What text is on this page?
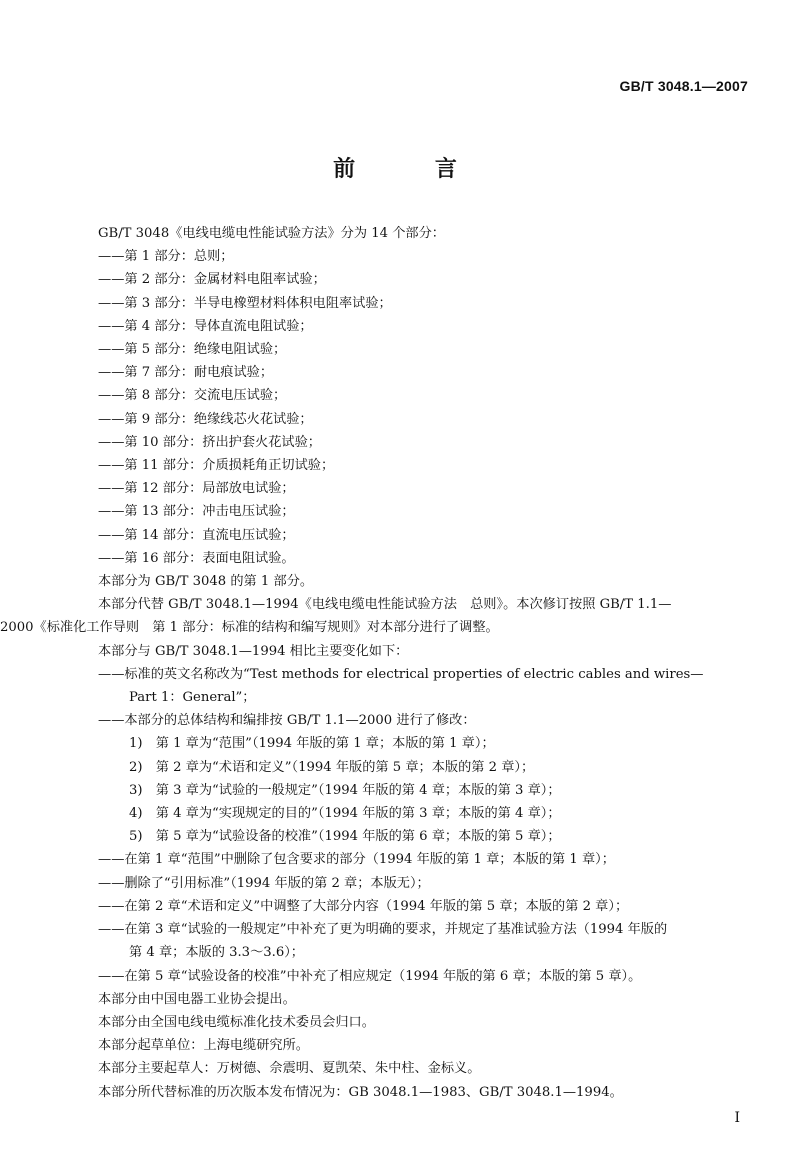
GB/T 3048.1—2007
前 言

GB/T 3048《电线电缆电性能试验方法》分为 14 个部分：

——第 1 部分：总则；

——第 2 部分：金属材料电阻率试验；

——第 3 部分：半导电橡塑材料体积电阻率试验；

——第 4 部分：导体直流电阻试验；

——第 5 部分：绝缘电阻试验；

——第 7 部分：耐电痕试验；

——第 8 部分：交流电压试验；

——第 9 部分：绝缘线芯火花试验；

——第 10 部分：挤出护套火花试验；

——第 11 部分：介质损耗角正切试验；

——第 12 部分：局部放电试验；

——第 13 部分：冲击电压试验；

——第 14 部分：直流电压试验；

——第 16 部分：表面电阻试验。

本部分为 GB/T 3048 的第 1 部分。

本部分代替 GB/T 3048.1—1994《电线电缆电性能试验方法　总则》。本次修订按照 GB/T 1.1—

2000《标准化工作导则　第 1 部分：标准的结构和编写规则》对本部分进行了调整。

本部分与 GB/T 3048.1—1994 相比主要变化如下：

——标准的英文名称改为“Test methods for electrical properties of electric cables and wires—

Part 1：General”；

——本部分的总体结构和编排按 GB/T 1.1—2000 进行了修改：

1)　第 1 章为“范围”（1994 年版的第 1 章；本版的第 1 章）；

2)　第 2 章为“术语和定义”（1994 年版的第 5 章；本版的第 2 章）；

3)　第 3 章为“试验的一般规定”（1994 年版的第 4 章；本版的第 3 章）；

4)　第 4 章为“实现规定的目的”（1994 年版的第 3 章；本版的第 4 章）；

5)　第 5 章为“试验设备的校准”（1994 年版的第 6 章；本版的第 5 章）；

——在第 1 章“范围”中删除了包含要求的部分（1994 年版的第 1 章；本版的第 1 章）；

——删除了“引用标准”（1994 年版的第 2 章；本版无）；

——在第 2 章“术语和定义”中调整了大部分内容（1994 年版的第 5 章；本版的第 2 章）；

——在第 3 章“试验的一般规定”中补充了更为明确的要求，并规定了基准试验方法（1994 年版的

第 4 章；本版的 3.3～3.6）；

——在第 5 章“试验设备的校准”中补充了相应规定（1994 年版的第 6 章；本版的第 5 章）。

本部分由中国电器工业协会提出。

本部分由全国电线电缆标准化技术委员会归口。

本部分起草单位：上海电缆研究所。

本部分主要起草人：万树德、佘震明、夏凯荣、朱中柱、金标义。

本部分所代替标准的历次版本发布情况为：GB 3048.1—1983、GB/T 3048.1—1994。

I
